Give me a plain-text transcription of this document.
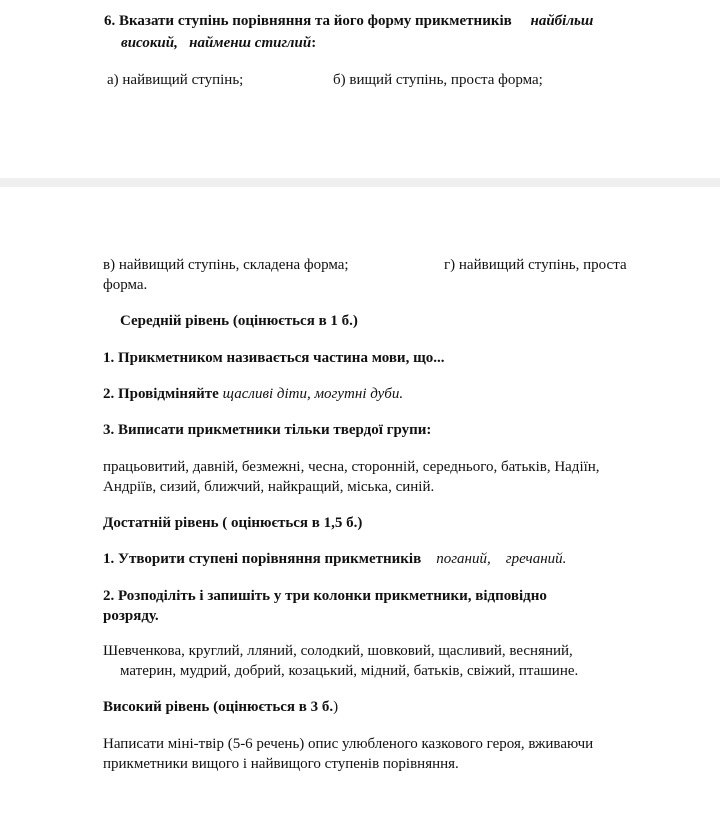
6. Вказати ступінь порівняння та його форму прикметників найбільш
високий, найменш стиглий:
а) найвищий ступінь;	б) вищий ступінь, проста форма;
в) найвищий ступінь, складена форма;	г) найвищий ступінь, проста
форма.
Середній рівень (оцінюється в 1 б.)
1. Прикметником називається частина мови, що...
2. Провідміняйте щасливі діти, могутні дуби.
3. Виписати прикметники тільки твердої групи:
працьовитий, давній, безмежні, чесна, сторонній, середнього, батьків, Надіїн,
Андріїв, сизий, ближчий, найкращий, міська, синій.
Достатній рівень ( оцінюється в 1,5 б.)
1. Утворити ступені порівняння прикметників поганий, гречаний.
2. Розподіліть і запишіть у три колонки прикметники, відповідно
розряду.
Шевченкова, круглий, лляний, солодкий, шовковий, щасливий, весняний,
материн, мудрий, добрий, козацький, мідний, батьків, свіжий, пташине.
Високий рівень (оцінюється в 3 б.)
Написати міні-твір (5-6 речень) опис улюбленого казкового героя, вживаючи
прикметники вищого і найвищого ступенів порівняння.
